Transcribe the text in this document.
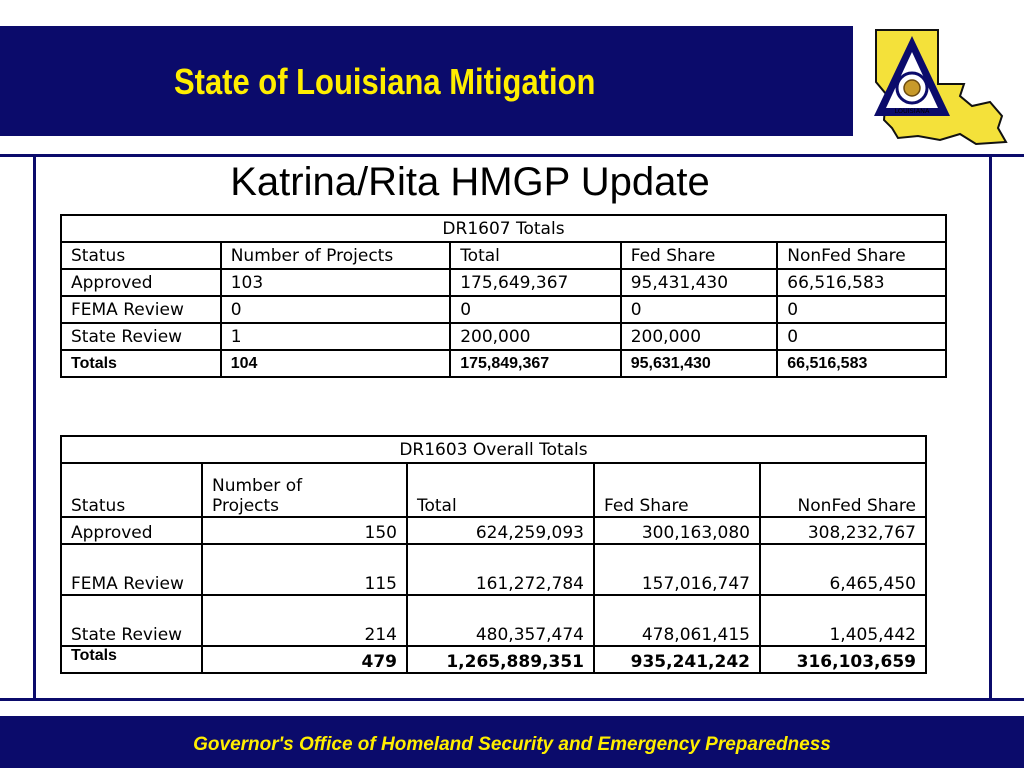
State of Louisiana Mitigation
LOUISIANA
Katrina/Rita HMGP Update
DR1607 Totals				
Status	Number of Projects	Total	Fed Share	NonFed Share
Approved	103	175,649,367	95,431,430	66,516,583
FEMA Review	0	0	0	0
State Review	1	200,000	200,000	0
Totals	104	175,849,367	95,631,430	66,516,583
DR1603 Overall Totals				
Status	Number of Projects	Total	Fed Share	NonFed Share
Approved	150	624,259,093	300,163,080	308,232,767
FEMA Review	115	161,272,784	157,016,747	6,465,450
State Review	214	480,357,474	478,061,415	1,405,442
Totals	479	1,265,889,351	935,241,242	316,103,659
Governor's Office of Homeland Security and Emergency Preparedness
